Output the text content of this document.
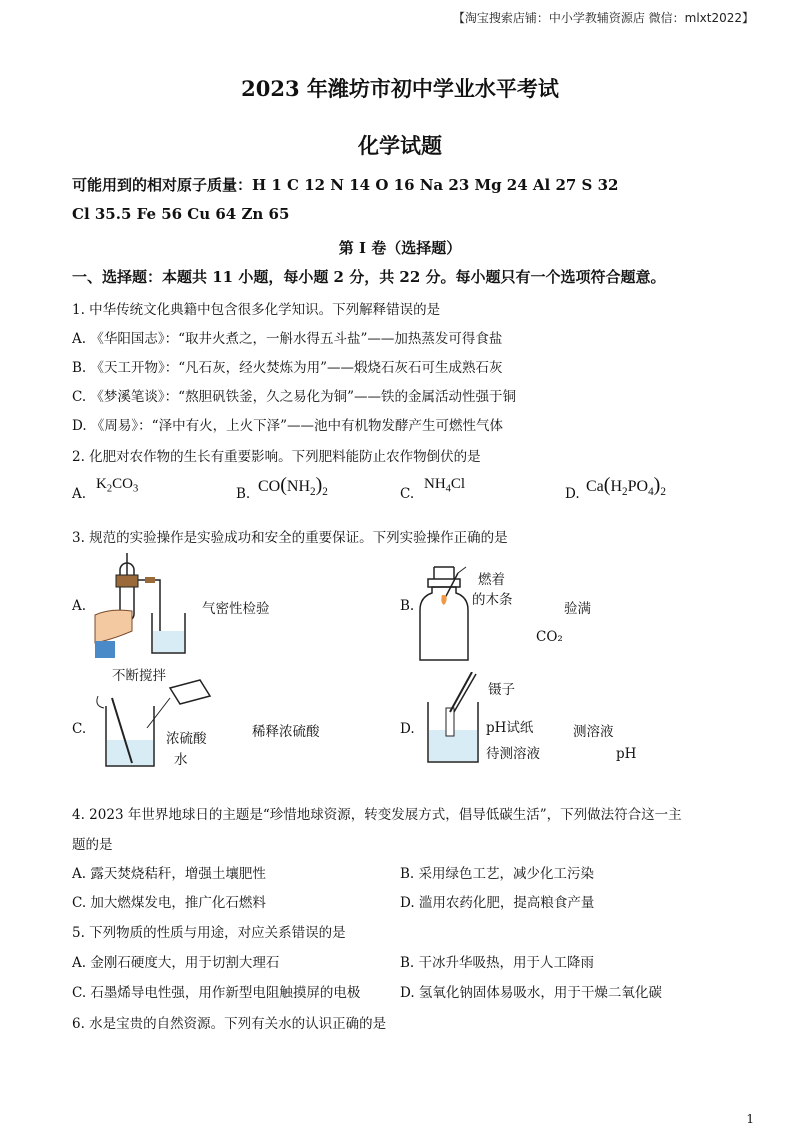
【淘宝搜索店铺：中小学教辅资源店 微信：mlxt2022】
2023 年潍坊市初中学业水平考试
化学试题
可能用到的相对原子质量：H 1 C 12 N 14 O 16 Na 23 Mg 24 Al 27 S 32
Cl 35.5 Fe 56 Cu 64 Zn 65
第 I 卷（选择题）
一、选择题：本题共 11 小题，每小题 2 分，共 22 分。每小题只有一个选项符合题意。
1. 中华传统文化典籍中包含很多化学知识。下列解释错误的是
A. 《华阳国志》：“取井火煮之，一斛水得五斗盐”——加热蒸发可得食盐
B. 《天工开物》：“凡石灰，经火焚炼为用”——煅烧石灰石可生成熟石灰
C. 《梦溪笔谈》：“熬胆矾铁釜，久之易化为铜”——铁的金属活动性强于铜
D. 《周易》：“泽中有火，上火下泽”——池中有机物发酵产生可燃性气体
2. 化肥对农作物的生长有重要影响。下列肥料能防止农作物倒伏的是
A.
$K_2CO_3$	B. $CO(NH_2)_2$	C.
$NH_4Cl$
D. $Ca(H_2PO_4)_2$
3. 规范的实验操作是实验成功和安全的重要保证。下列实验操作正确的是
A.	气密性检验	B.
燃着
的木条
验满
CO₂
C.
不断搅拌
浓硫酸
水
稀释浓硫酸	D.
镊子
pH试纸
待测溶液
测溶液
pH
4. 2023 年世界地球日的主题是“珍惜地球资源，转变发展方式，倡导低碳生活”，下列做法符合这一主
题的是
A. 露天焚烧秸秆，增强土壤肥性	B. 采用绿色工艺，减少化工污染
C. 加大燃煤发电，推广化石燃料	D. 滥用农药化肥，提高粮食产量
5. 下列物质的性质与用途，对应关系错误的是
A. 金刚石硬度大，用于切割大理石	B. 干冰升华吸热，用于人工降雨
C. 石墨烯导电性强，用作新型电阻触摸屏的电极	D. 氢氧化钠固体易吸水，用于干燥二氧化碳
6. 水是宝贵的自然资源。下列有关水的认识正确的是
1
